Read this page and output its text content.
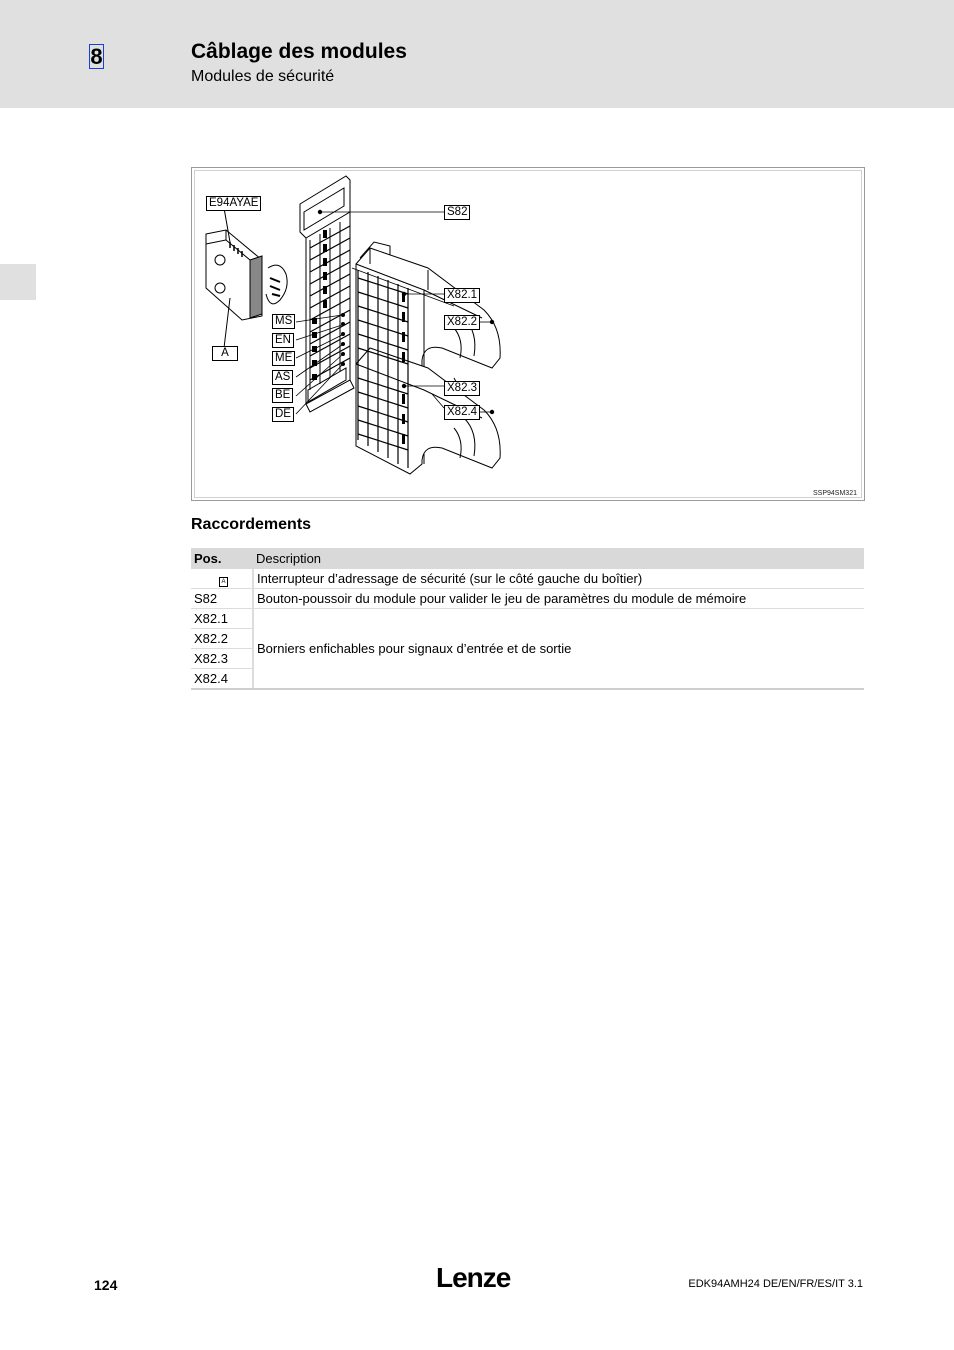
8	Câblage des modules
Modules de sécurité
E94AYAE
S82
A
MS
EN
ME
AS
BE
DE
X82.1
X82.2
X82.3
X82.4
SSP94SM321
Raccordements
Pos.	Description
A	Interrupteur d’adressage de sécurité (sur le côté gauche du boîtier)
S82	Bouton-poussoir du module pour valider le jeu de paramètres du module de mémoire
X82.1	Borniers enfichables pour signaux d’entrée et de sortie
X82.2	
X82.3	
X82.4	
124	Lenze	EDK94AMH24 DE/EN/FR/ES/IT 3.1
